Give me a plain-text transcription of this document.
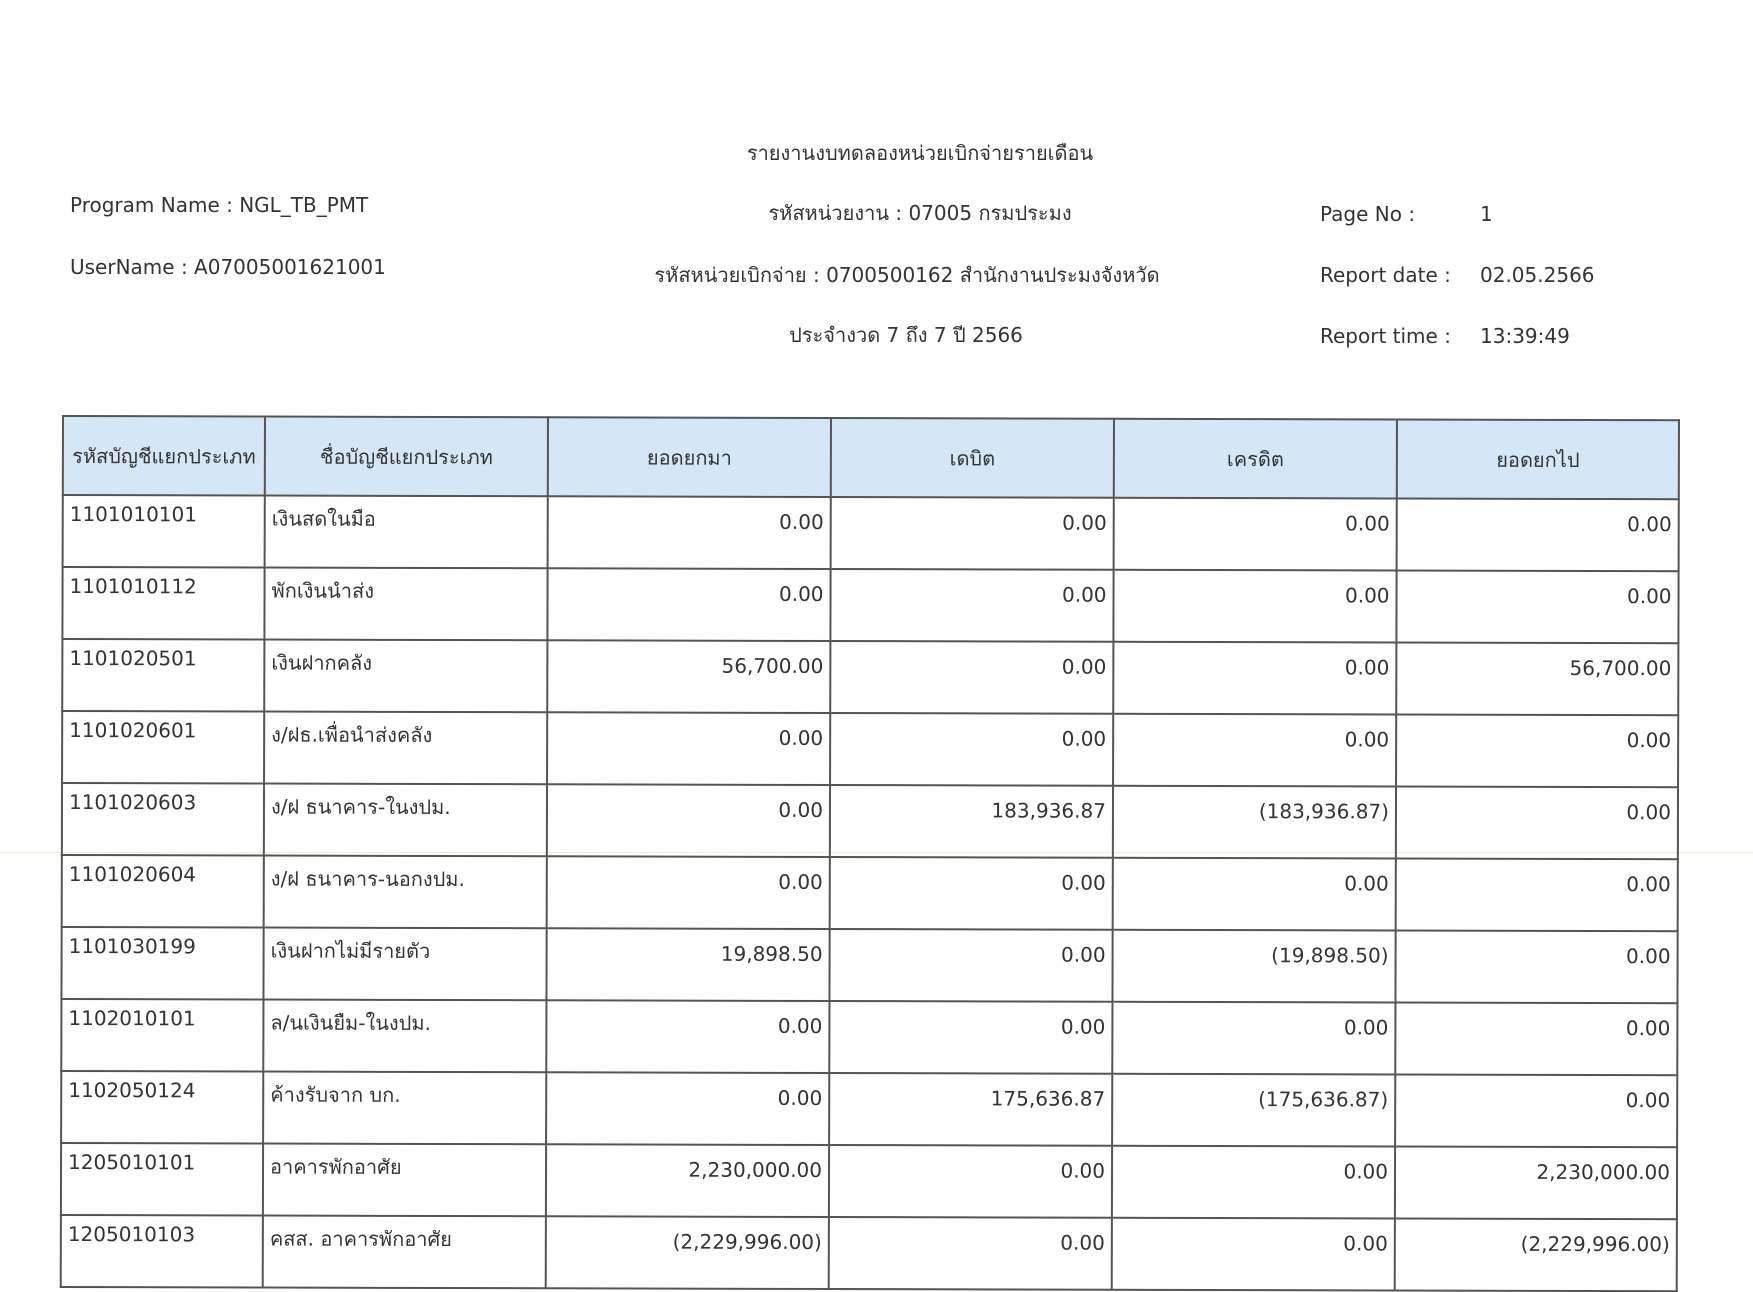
รายงานงบทดลองหน่วยเบิกจ่ายรายเดือน
รหัสหน่วยงาน : 07005 กรมประมง
รหัสหน่วยเบิกจ่าย : 0700500162 สำนักงานประมงจังหวัด
ประจำงวด 7 ถึง 7 ปี 2566
Program Name : NGL_TB_PMT
UserName : A07005001621001
Page No :	1
Report date : 02.05.2566
Report time : 13:39:49
รหัสบัญชีแยกประเภท	ชื่อบัญชีแยกประเภท	ยอดยกมา	เดบิต	เครดิต	ยอดยกไป
1101010101	เงินสดในมือ	0.00	0.00	0.00	0.00
1101010112	พักเงินนำส่ง	0.00	0.00	0.00	0.00
1101020501	เงินฝากคลัง	56,700.00	0.00	0.00	56,700.00
1101020601	ง/ฝธ.เพื่อนำส่งคลัง	0.00	0.00	0.00	0.00
1101020603	ง/ฝ ธนาคาร-ในงปม.	0.00	183,936.87	(183,936.87)	0.00
1101020604	ง/ฝ ธนาคาร-นอกงปม.	0.00	0.00	0.00	0.00
1101030199	เงินฝากไม่มีรายตัว	19,898.50	0.00	(19,898.50)	0.00
1102010101	ล/นเงินยืม-ในงปม.	0.00	0.00	0.00	0.00
1102050124	ค้างรับจาก บก.	0.00	175,636.87	(175,636.87)	0.00
1205010101	อาคารพักอาศัย	2,230,000.00	0.00	0.00	2,230,000.00
1205010103	คสส. อาคารพักอาศัย	(2,229,996.00)	0.00	0.00	(2,229,996.00)
